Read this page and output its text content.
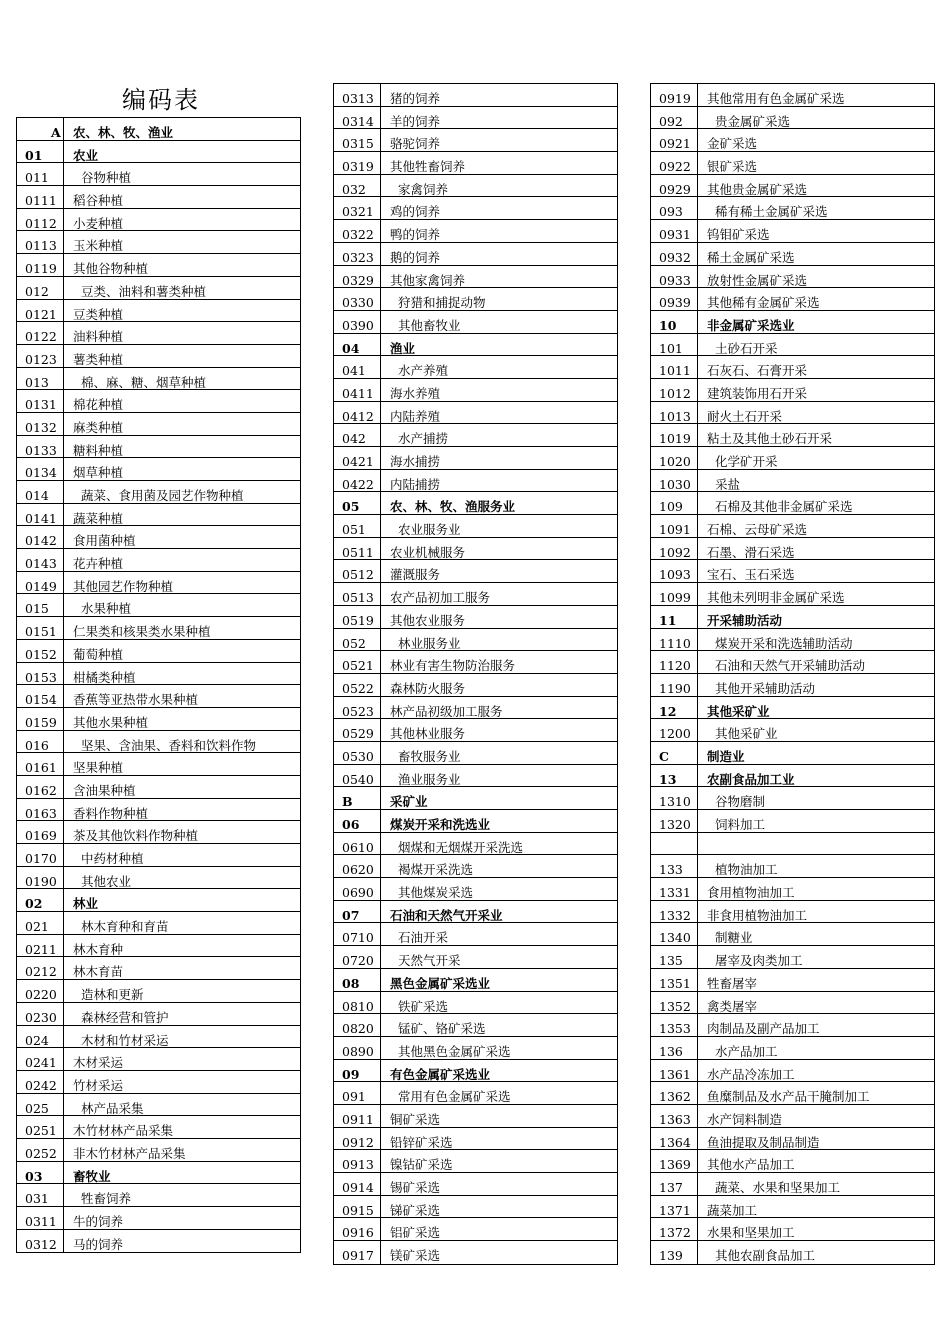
编码表
A 农、林、牧、渔业
01 农业
011	谷物种植
0111 稻谷种植
0112 小麦种植
0113 玉米种植
0119 其他谷物种植
012	豆类、油料和薯类种植
0121 豆类种植
0122 油料种植
0123 薯类种植
013	棉、麻、糖、烟草种植
0131 棉花种植
0132 麻类种植
0133 糖料种植
0134 烟草种植
014	蔬菜、食用菌及园艺作物种植
0141 蔬菜种植
0142 食用菌种植
0143 花卉种植
0149 其他园艺作物种植
015	水果种植
0151 仁果类和核果类水果种植
0152 葡萄种植
0153 柑橘类种植
0154 香蕉等亚热带水果种植
0159 其他水果种植
016	坚果、含油果、香料和饮料作物
0161 坚果种植
0162 含油果种植
0163 香料作物种植
0169 茶及其他饮料作物种植
0170 中药材种植
0190 其他农业
02 林业
021	林木育种和育苗
0211 林木育种
0212 林木育苗
0220 造林和更新
0230 森林经营和管护
024	木材和竹材采运
0241 木材采运
0242 竹材采运
025	林产品采集
0251 木竹材林产品采集
0252 非木竹材林产品采集
03 畜牧业
031	牲畜饲养
0311 牛的饲养
0312 马的饲养
0313 猪的饲养
0314 羊的饲养
0315 骆驼饲养
0319 其他牲畜饲养
032	家禽饲养
0321 鸡的饲养
0322 鸭的饲养
0323 鹅的饲养
0329 其他家禽饲养
0330 狩猎和捕捉动物
0390 其他畜牧业
04 渔业
041	水产养殖
0411 海水养殖
0412 内陆养殖
042	水产捕捞
0421 海水捕捞
0422 内陆捕捞
05 农、林、牧、渔服务业
051	农业服务业
0511 农业机械服务
0512 灌溉服务
0513 农产品初加工服务
0519 其他农业服务
052	林业服务业
0521 林业有害生物防治服务
0522 森林防火服务
0523 林产品初级加工服务
0529 其他林业服务
0530 畜牧服务业
0540 渔业服务业
B	采矿业
06 煤炭开采和洗选业
0610 烟煤和无烟煤开采洗选
0620 褐煤开采洗选
0690 其他煤炭采选
07 石油和天然气开采业
0710 石油开采
0720 天然气开采
08 黑色金属矿采选业
0810 铁矿采选
0820 锰矿、铬矿采选
0890 其他黑色金属矿采选
09 有色金属矿采选业
091	常用有色金属矿采选
0911 铜矿采选
0912 铅锌矿采选
0913 镍钴矿采选
0914 锡矿采选
0915 锑矿采选
0916 铝矿采选
0917 镁矿采选
0919 其他常用有色金属矿采选
092	贵金属矿采选
0921 金矿采选
0922 银矿采选
0929 其他贵金属矿采选
093	稀有稀土金属矿采选
0931 钨钼矿采选
0932 稀土金属矿采选
0933 放射性金属矿采选
0939 其他稀有金属矿采选
10 非金属矿采选业
101	土砂石开采
1011 石灰石、石膏开采
1012 建筑装饰用石开采
1013 耐火土石开采
1019 粘土及其他土砂石开采
1020 化学矿开采
1030 采盐
109	石棉及其他非金属矿采选
1091 石棉、云母矿采选
1092 石墨、滑石采选
1093 宝石、玉石采选
1099 其他未列明非金属矿采选
11 开采辅助活动
1110 煤炭开采和洗选辅助活动
1120 石油和天然气开采辅助活动
1190 其他开采辅助活动
12 其他采矿业
1200 其他采矿业
C	制造业
13 农副食品加工业
1310 谷物磨制
1320 饲料加工
133	植物油加工
1331 食用植物油加工
1332 非食用植物油加工
1340 制糖业
135	屠宰及肉类加工
1351 牲畜屠宰
1352 禽类屠宰
1353 肉制品及副产品加工
136	水产品加工
1361 水产品冷冻加工
1362 鱼糜制品及水产品干腌制加工
1363 水产饲料制造
1364 鱼油提取及制品制造
1369 其他水产品加工
137	蔬菜、水果和坚果加工
1371 蔬菜加工
1372 水果和坚果加工
139	其他农副食品加工
